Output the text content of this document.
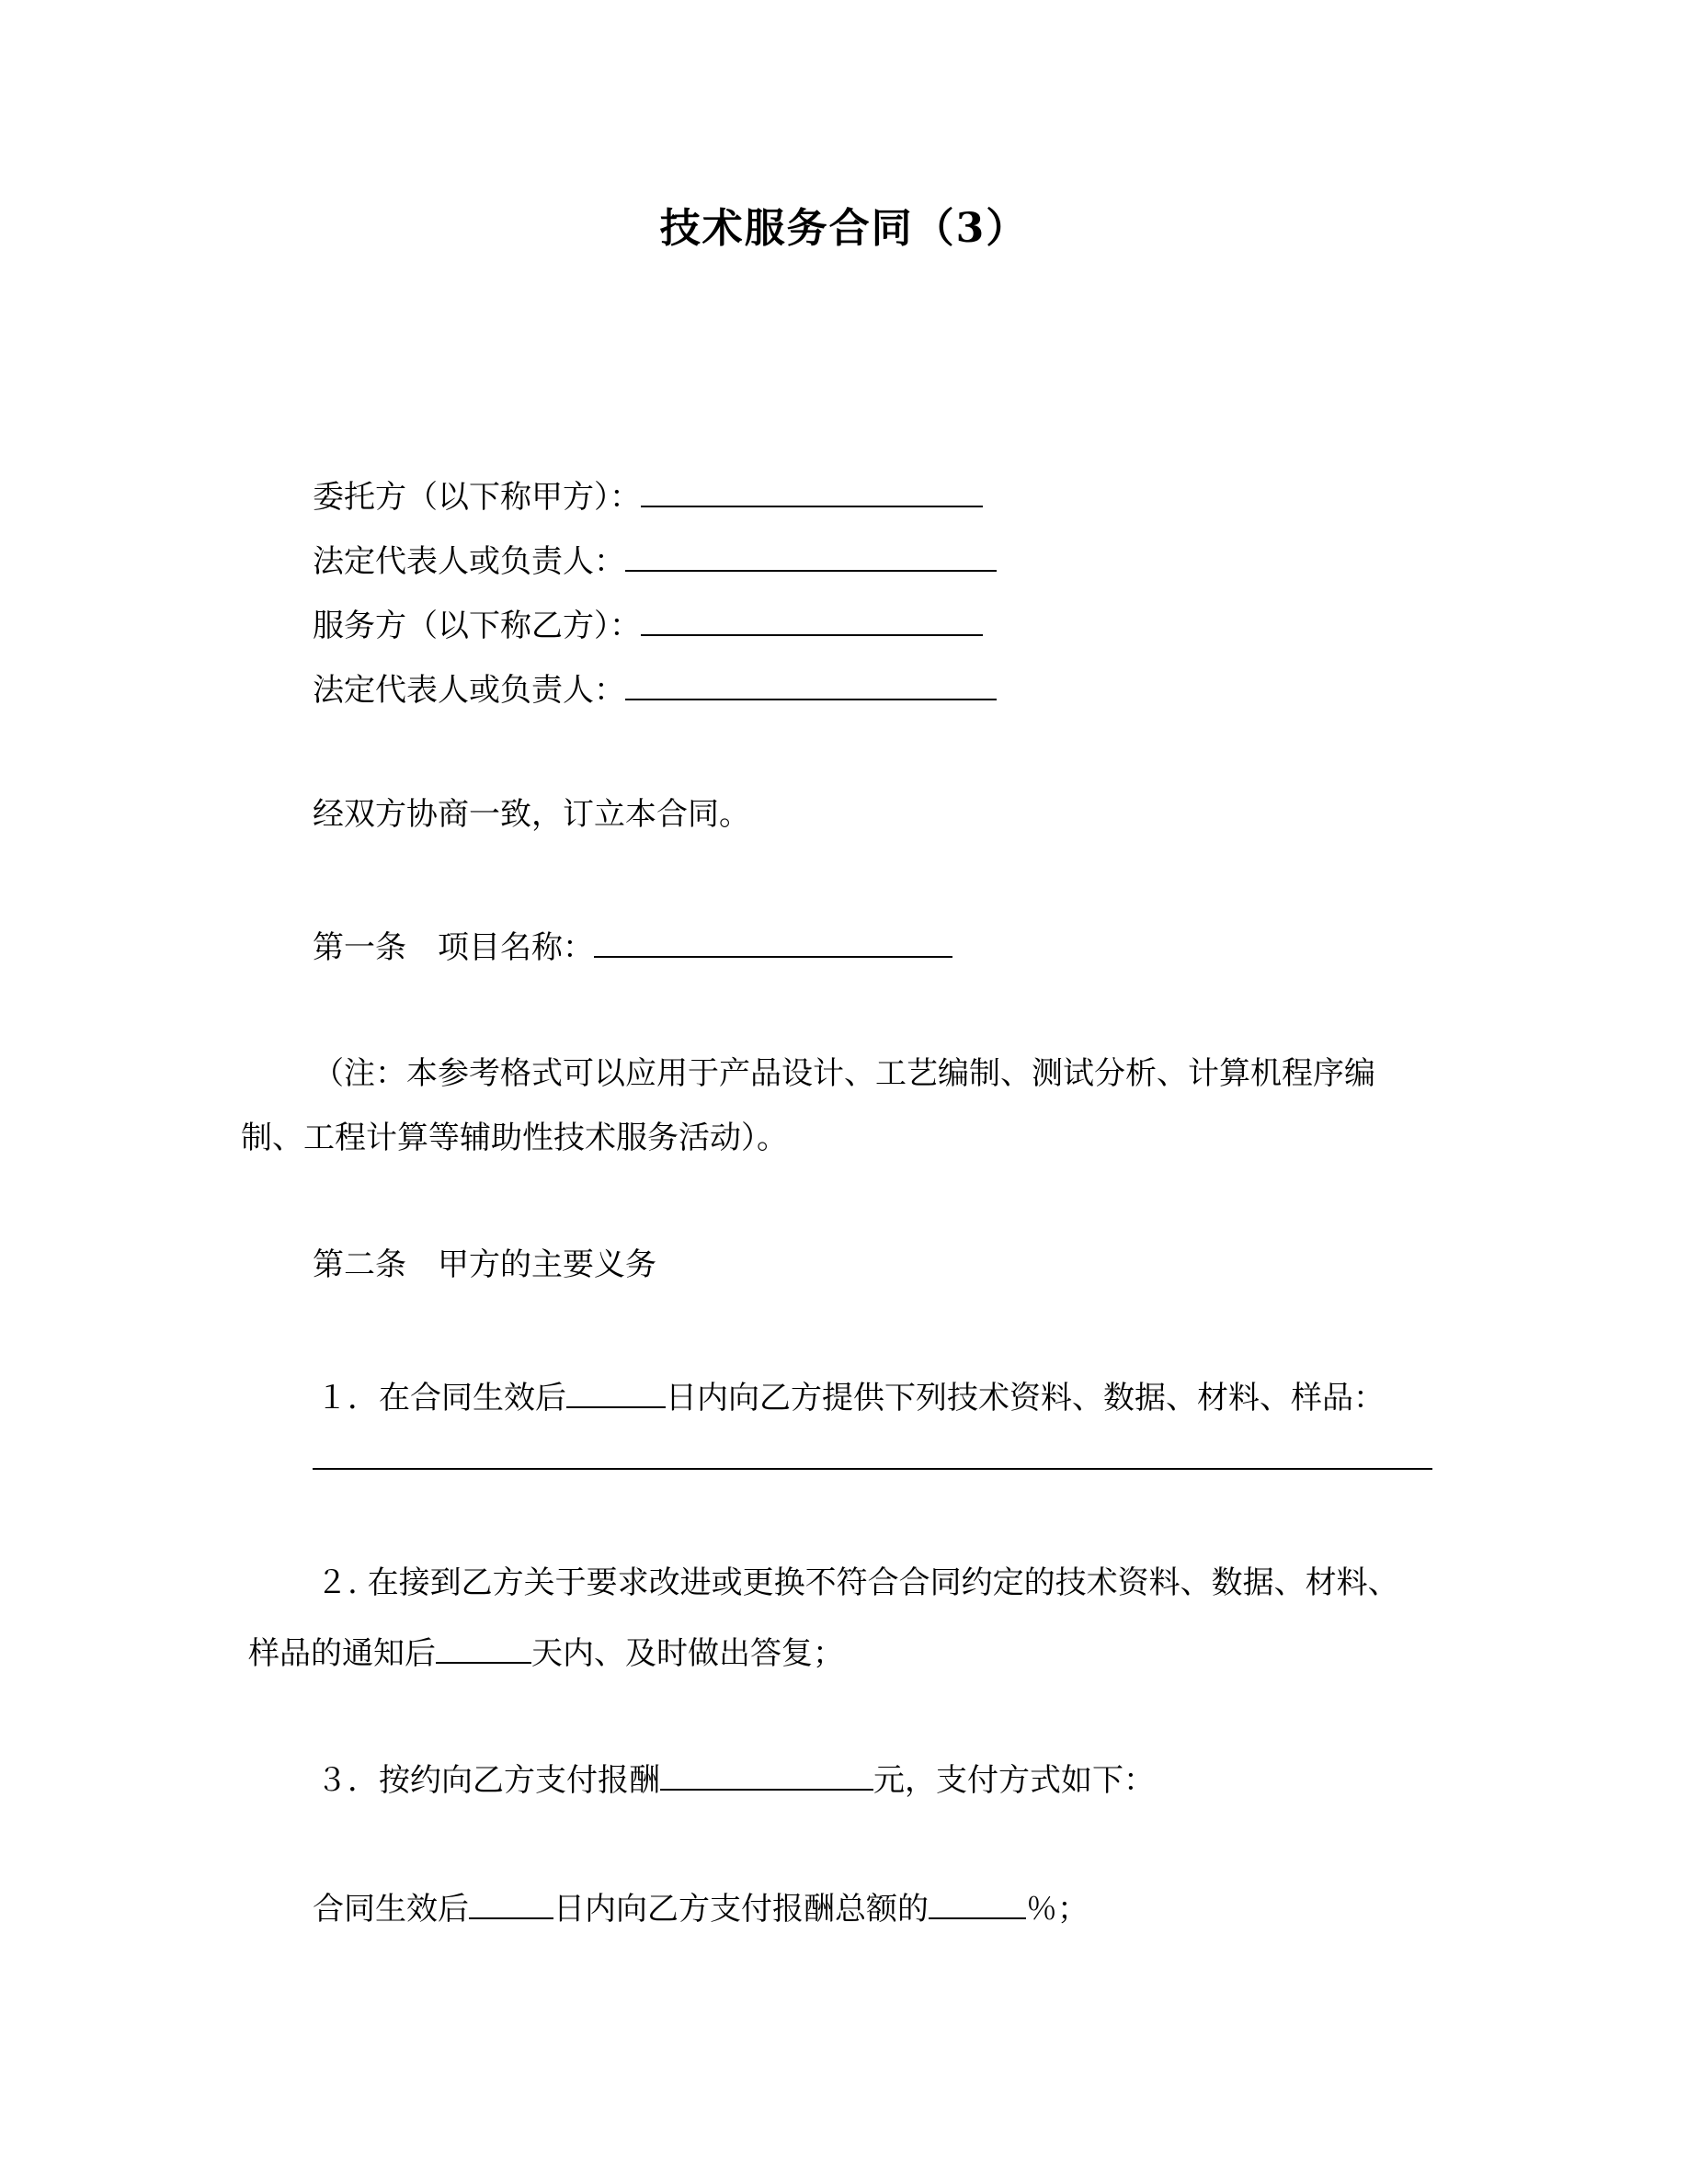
技术服务合同（3）
委托方（以下称甲方）：
法定代表人或负责人：
服务方（以下称乙方）：
法定代表人或负责人：
经双方协商一致，订立本合同。
第一条　项目名称：
（注：本参考格式可以应用于产品设计、工艺编制、测试分析、计算机程序编
制、工程计算等辅助性技术服务活动）。
第二条　甲方的主要义务
１．在合同生效后	日内向乙方提供下列技术资料、数据、材料、样品：
２. 在接到乙方关于要求改进或更换不符合合同约定的技术资料、数据、材料、
样品的通知后	天内、及时做出答复；
３．按约向乙方支付报酬	元，支付方式如下：
合同生效后	日内向乙方支付报酬总额的	％；
